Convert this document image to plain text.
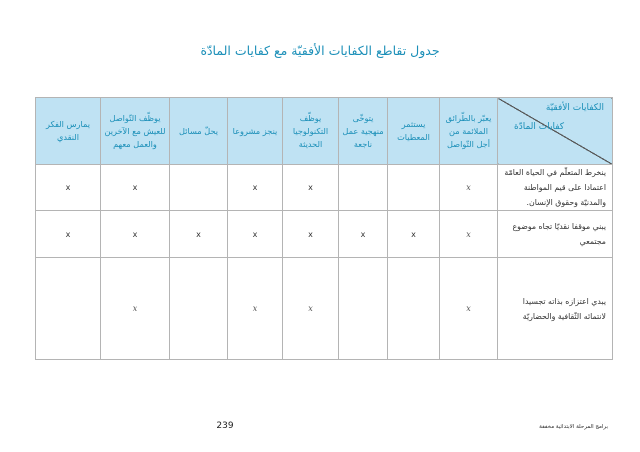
جدول تقاطع الكفايات الأفقيّة مع كفايات المادّة
الكفايات الأفقيّة
كفايات المادّة	يعبّر بالطّرائق الملائمة من أجل التّواصل	يستثمر المعطيات	يتوخّى منهجية عمل ناجعة	يوظّف التكنولوجيا الحديثة	ينجز مشروعا	يحلّ مسائل	يوظّف التّواصل للعيش مع الآخرين والعمل معهم	يمارس الفكر النقدي
ينخرط المتعلّم في الحياة العامّة اعتمادا على قيم المواطنة والمدنيّة وحقوق الإنسان.	x			x	x		x	x
يبني موقفا نقديّا تجاه موضوع مجتمعي	x	x	x	x	x	x	x	x
يبدي اعتزازه بذاته تجسيدا لانتمائه الثّقافية والحضاريّة	x			x	x		x	
239	برامج المرحلة الابتدائية مخففة
